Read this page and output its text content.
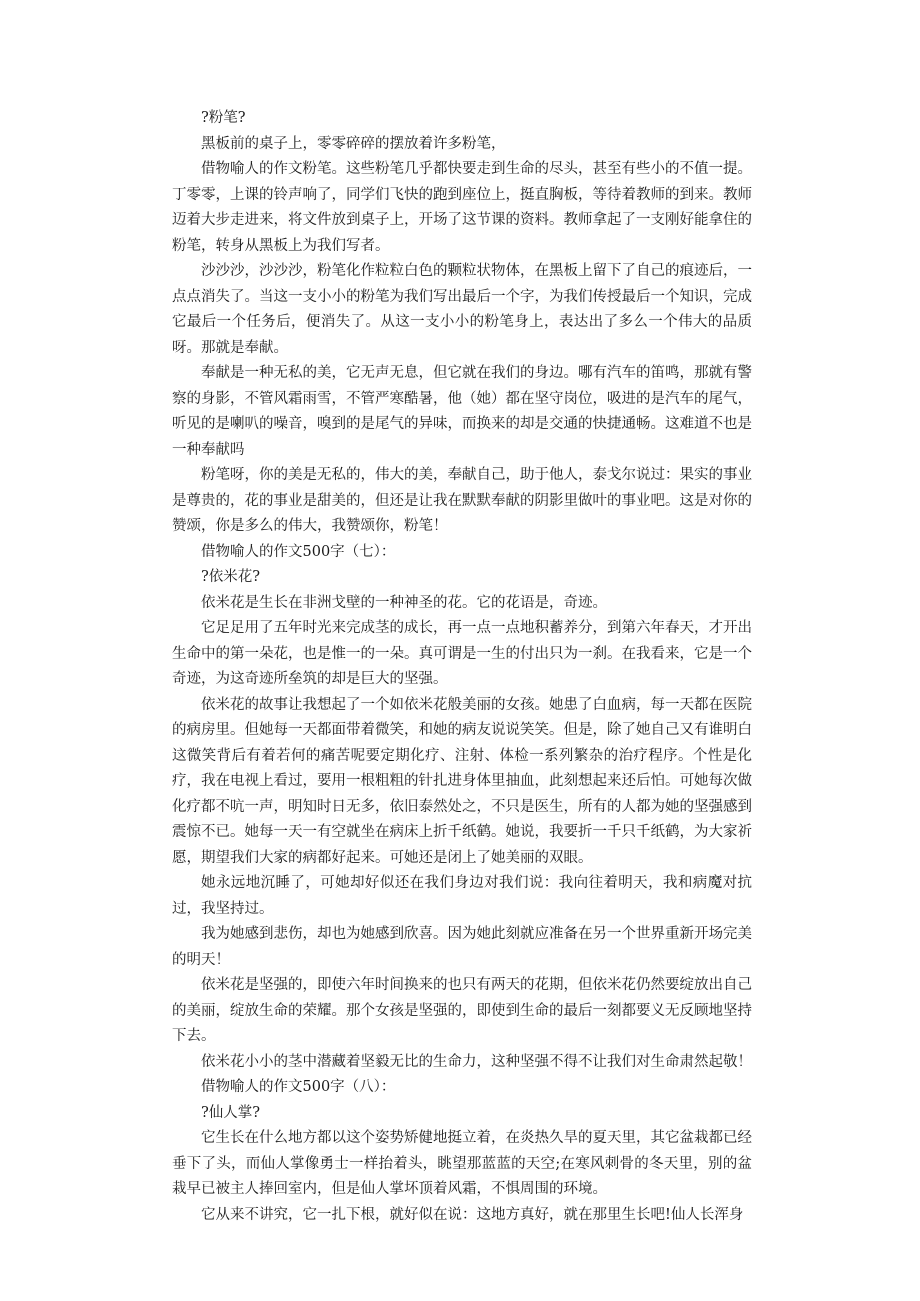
?粉笔?

黑板前的桌子上，零零碎碎的摆放着许多粉笔，

借物喻人的作文粉笔。这些粉笔几乎都快要走到生命的尽头，甚至有些小的不值一提。丁零零，上课的铃声响了，同学们飞快的跑到座位上，挺直胸板，等待着教师的到来。教师迈着大步走进来，将文件放到桌子上，开场了这节课的资料。教师拿起了一支刚好能拿住的粉笔，转身从黑板上为我们写者。

沙沙沙，沙沙沙，粉笔化作粒粒白色的颗粒状物体，在黑板上留下了自己的痕迹后，一点点消失了。当这一支小小的粉笔为我们写出最后一个字，为我们传授最后一个知识，完成它最后一个任务后，便消失了。从这一支小小的粉笔身上，表达出了多么一个伟大的品质呀。那就是奉献。

奉献是一种无私的美，它无声无息，但它就在我们的身边。哪有汽车的笛鸣，那就有警察的身影，不管风霜雨雪，不管严寒酷暑，他（她）都在坚守岗位，吸进的是汽车的尾气，听见的是喇叭的噪音，嗅到的是尾气的异味，而换来的却是交通的快捷通畅。这难道不也是一种奉献吗

粉笔呀，你的美是无私的，伟大的美，奉献自己，助于他人，泰戈尔说过：果实的事业是尊贵的，花的事业是甜美的，但还是让我在默默奉献的阴影里做叶的事业吧。这是对你的赞颂，你是多么的伟大，我赞颂你，粉笔！

借物喻人的作文500字（七）：

?依米花?

依米花是生长在非洲戈壁的一种神圣的花。它的花语是，奇迹。

它足足用了五年时光来完成茎的成长，再一点一点地积蓄养分，到第六年春天，才开出生命中的第一朵花，也是惟一的一朵。真可谓是一生的付出只为一刹。在我看来，它是一个奇迹，为这奇迹所垒筑的却是巨大的坚强。

依米花的故事让我想起了一个如依米花般美丽的女孩。她患了白血病，每一天都在医院的病房里。但她每一天都面带着微笑，和她的病友说说笑笑。但是，除了她自己又有谁明白这微笑背后有着若何的痛苦呢要定期化疗、注射、体检一系列繁杂的治疗程序。个性是化疗，我在电视上看过，要用一根粗粗的针扎进身体里抽血，此刻想起来还后怕。可她每次做化疗都不吭一声，明知时日无多，依旧泰然处之，不只是医生，所有的人都为她的坚强感到震惊不已。她每一天一有空就坐在病床上折千纸鹤。她说，我要折一千只千纸鹤，为大家祈愿，期望我们大家的病都好起来。可她还是闭上了她美丽的双眼。

她永远地沉睡了，可她却好似还在我们身边对我们说：我向往着明天，我和病魔对抗过，我坚持过。

我为她感到悲伤，却也为她感到欣喜。因为她此刻就应准备在另一个世界重新开场完美的明天！

依米花是坚强的，即使六年时间换来的也只有两天的花期，但依米花仍然要绽放出自己的美丽，绽放生命的荣耀。那个女孩是坚强的，即使到生命的最后一刻都要义无反顾地坚持下去。

依米花小小的茎中潜藏着坚毅无比的生命力，这种坚强不得不让我们对生命肃然起敬！

借物喻人的作文500字（八）：

?仙人掌?

它生长在什么地方都以这个姿势矫健地挺立着，在炎热久旱的夏天里，其它盆栽都已经垂下了头，而仙人掌像勇士一样抬着头，眺望那蓝蓝的天空;在寒风刺骨的冬天里，别的盆栽早已被主人捧回室内，但是仙人掌坏顶着风霜，不惧周围的环境。

它从来不讲究，它一扎下根，就好似在说：这地方真好，就在那里生长吧!仙人长浑身
